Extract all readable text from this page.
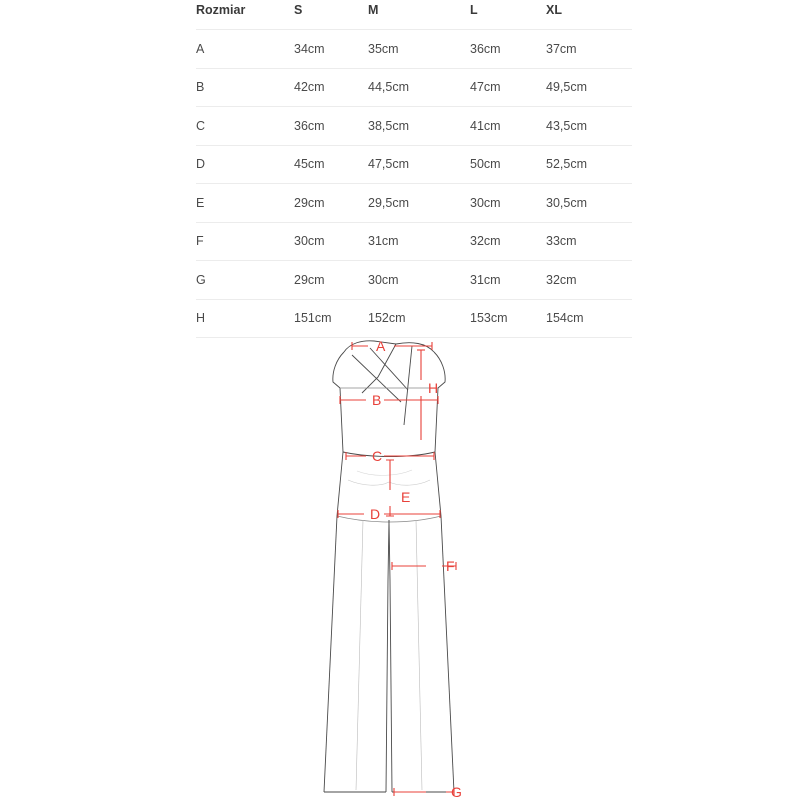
Rozmiar	S	M	L	XL
A	34cm	35cm	36cm	37cm
B	42cm	44,5cm	47cm	49,5cm
C	36cm	38,5cm	41cm	43,5cm
D	45cm	47,5cm	50cm	52,5cm
E	29cm	29,5cm	30cm	30,5cm
F	30cm	31cm	32cm	33cm
G	29cm	30cm	31cm	32cm
H	151cm	152cm	153cm	154cm
A
B
C
D
E
F
G
H
